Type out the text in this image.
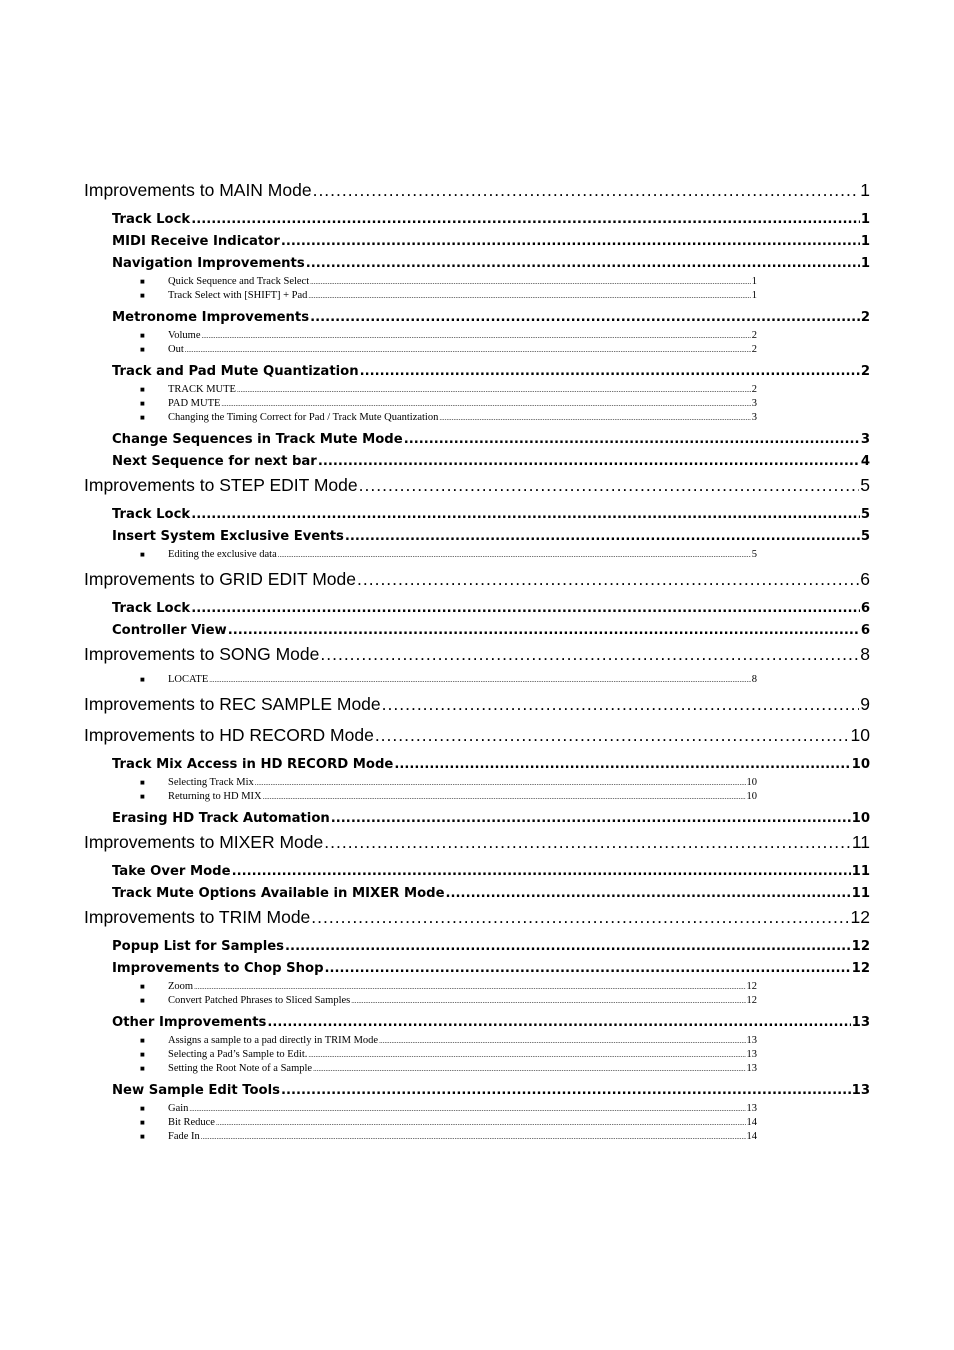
Improvements to MAIN Mode .....	1
Track Lock .....	1
MIDI Receive Indicator .....	1
Navigation Improvements .....	1
■	Quick Sequence and Track Select .....	1
■	Track Select with [SHIFT] + Pad .....	1
Metronome Improvements .....	2
■	Volume .....	2
■	Out .....	2
Track and Pad Mute Quantization .....	2
■	TRACK MUTE .....	2
■	PAD MUTE .....	3
■	Changing the Timing Correct for Pad / Track Mute Quantization .....	3
Change Sequences in Track Mute Mode .....	3
Next Sequence for next bar .....	4
Improvements to STEP EDIT Mode .....	5
Track Lock .....	5
Insert System Exclusive Events .....	5
■	Editing the exclusive data .....	5
Improvements to GRID EDIT Mode .....	6
Track Lock .....	6
Controller View .....	6
Improvements to SONG Mode .....	8
■	LOCATE .....	8
Improvements to REC SAMPLE Mode .....	9
Improvements to HD RECORD Mode .....	10
Track Mix Access in HD RECORD Mode .....	10
■	Selecting Track Mix .....	10
■	Returning to HD MIX .....	10
Erasing HD Track Automation .....	10
Improvements to MIXER Mode .....	11
Take Over Mode .....	11
Track Mute Options Available in MIXER Mode .....	11
Improvements to TRIM Mode .....	12
Popup List for Samples .....	12
Improvements to Chop Shop .....	12
■	Zoom .....	12
■	Convert Patched Phrases to Sliced Samples .....	12
Other Improvements .....	13
■	Assigns a sample to a pad directly in TRIM Mode .....	13
■	Selecting a Pad’s Sample to Edit. .....	13
■	Setting the Root Note of a Sample .....	13
New Sample Edit Tools .....	13
■	Gain .....	13
■	Bit Reduce .....	14
■	Fade In .....	14
